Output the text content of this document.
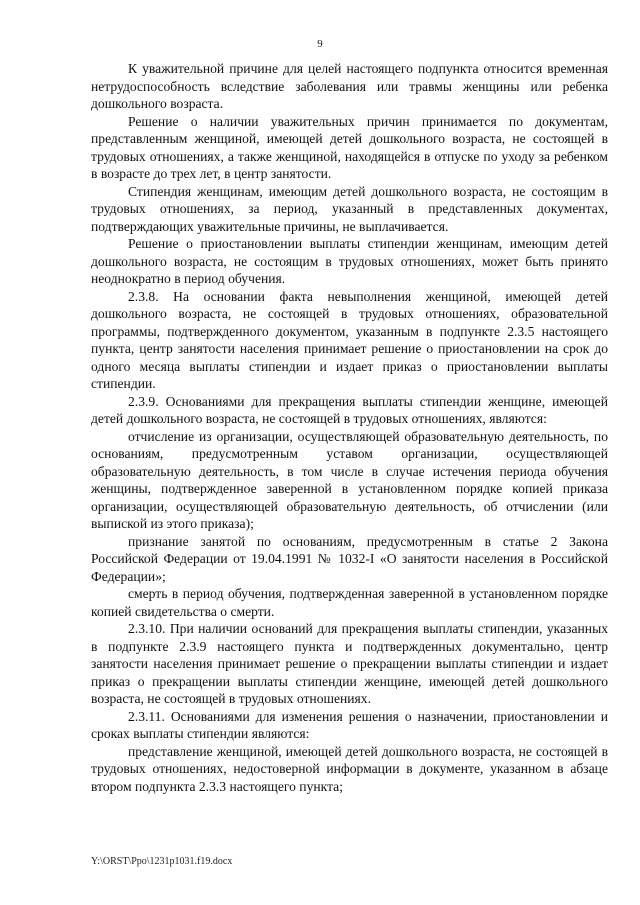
9

К уважительной причине для целей настоящего подпункта относится временная нетрудоспособность вследствие заболевания или травмы женщины или ребенка дошкольного возраста.

Решение о наличии уважительных причин принимается по документам, представленным женщиной, имеющей детей дошкольного возраста, не состоящей в трудовых отношениях, а также женщиной, находящейся в отпуске по уходу за ребенком в возрасте до трех лет, в центр занятости.

Стипендия женщинам, имеющим детей дошкольного возраста, не состоящим в трудовых отношениях, за период, указанный в представленных документах, подтверждающих уважительные причины, не выплачивается.

Решение о приостановлении выплаты стипендии женщинам, имеющим детей дошкольного возраста, не состоящим в трудовых отношениях, может быть принято неоднократно в период обучения.

2.3.8. На основании факта невыполнения женщиной, имеющей детей дошкольного возраста, не состоящей в трудовых отношениях, образовательной программы, подтвержденного документом, указанным в подпункте 2.3.5 настоящего пункта, центр занятости населения принимает решение о приостановлении на срок до одного месяца выплаты стипендии и издает приказ о приостановлении выплаты стипендии.

2.3.9. Основаниями для прекращения выплаты стипендии женщине, имеющей детей дошкольного возраста, не состоящей в трудовых отношениях, являются:

отчисление из организации, осуществляющей образовательную деятельность, по основаниям, предусмотренным уставом организации, осуществляющей образовательную деятельность, в том числе в случае истечения периода обучения женщины, подтвержденное заверенной в установленном порядке копией приказа организации, осуществляющей образовательную деятельность, об отчислении (или выпиской из этого приказа);

признание занятой по основаниям, предусмотренным в статье 2 Закона Российской Федерации от 19.04.1991 № 1032-I «О занятости населения в Российской Федерации»;

смерть в период обучения, подтвержденная заверенной в установленном порядке копией свидетельства о смерти.

2.3.10. При наличии оснований для прекращения выплаты стипендии, указанных в подпункте 2.3.9 настоящего пункта и подтвержденных документально, центр занятости населения принимает решение о прекращении выплаты стипендии и издает приказ о прекращении выплаты стипендии женщине, имеющей детей дошкольного возраста, не состоящей в трудовых отношениях.

2.3.11. Основаниями для изменения решения о назначении, приостановлении и сроках выплаты стипендии являются:

представление женщиной, имеющей детей дошкольного возраста, не состоящей в трудовых отношениях, недостоверной информации в документе, указанном в абзаце втором подпункта 2.3.3 настоящего пункта;

Y:\ORST\Ppo\1231p1031.f19.docx
